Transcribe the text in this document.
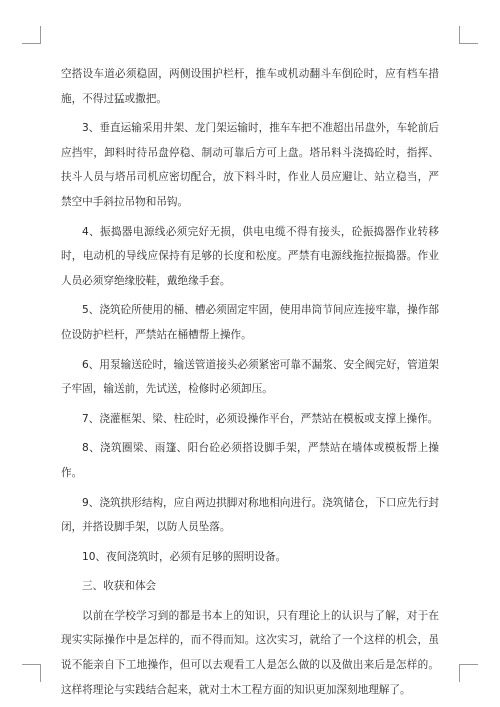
空搭设车道必须稳固，两侧设围护栏杆，推车或机动翻斗车倒砼时，应有档车措施，不得过猛或撒把。

3、垂直运输采用井架、龙门架运输时，推车车把不准超出吊盘外，车轮前后应挡牢，卸料时待吊盘停稳、制动可靠后方可上盘。塔吊料斗浇捣砼时，指挥、扶斗人员与塔吊司机应密切配合，放下料斗时，作业人员应避让、站立稳当，严禁空中手斜拉吊物和吊钩。

4、振捣器电源线必须完好无损，供电电缆不得有接头，砼振捣器作业转移时，电动机的导线应保持有足够的长度和松度。严禁有电源线拖拉振捣器。作业人员必须穿绝缘胶鞋，戴绝缘手套。

5、浇筑砼所使用的桶、槽必须固定牢固，使用串筒节间应连接牢靠，操作部位设防护栏杆，严禁站在桶槽帮上操作。

6、用泵输送砼时，输送管道接头必须紧密可靠不漏浆、安全阀完好，管道架子牢固，输送前，先试送，检修时必须卸压。

7、浇灌框架、梁、柱砼时，必须设操作平台，严禁站在模板或支撑上操作。

8、浇筑圈梁、雨篷、阳台砼必须搭设脚手架，严禁站在墙体或模板帮上操作。

9、浇筑拱形结构，应自两边拱脚对称地相向进行。浇筑储仓，下口应先行封闭，并搭设脚手架，以防人员坠落。

10、夜间浇筑时，必须有足够的照明设备。

三、收获和体会

以前在学校学习到的都是书本上的知识，只有理论上的认识与了解，对于在现实实际操作中是怎样的，而不得而知。这次实习，就给了一个这样的机会，虽说不能亲自下工地操作，但可以去观看工人是怎么做的以及做出来后是怎样的。这样将理论与实践结合起来，就对土木工程方面的知识更加深刻地理解了。
